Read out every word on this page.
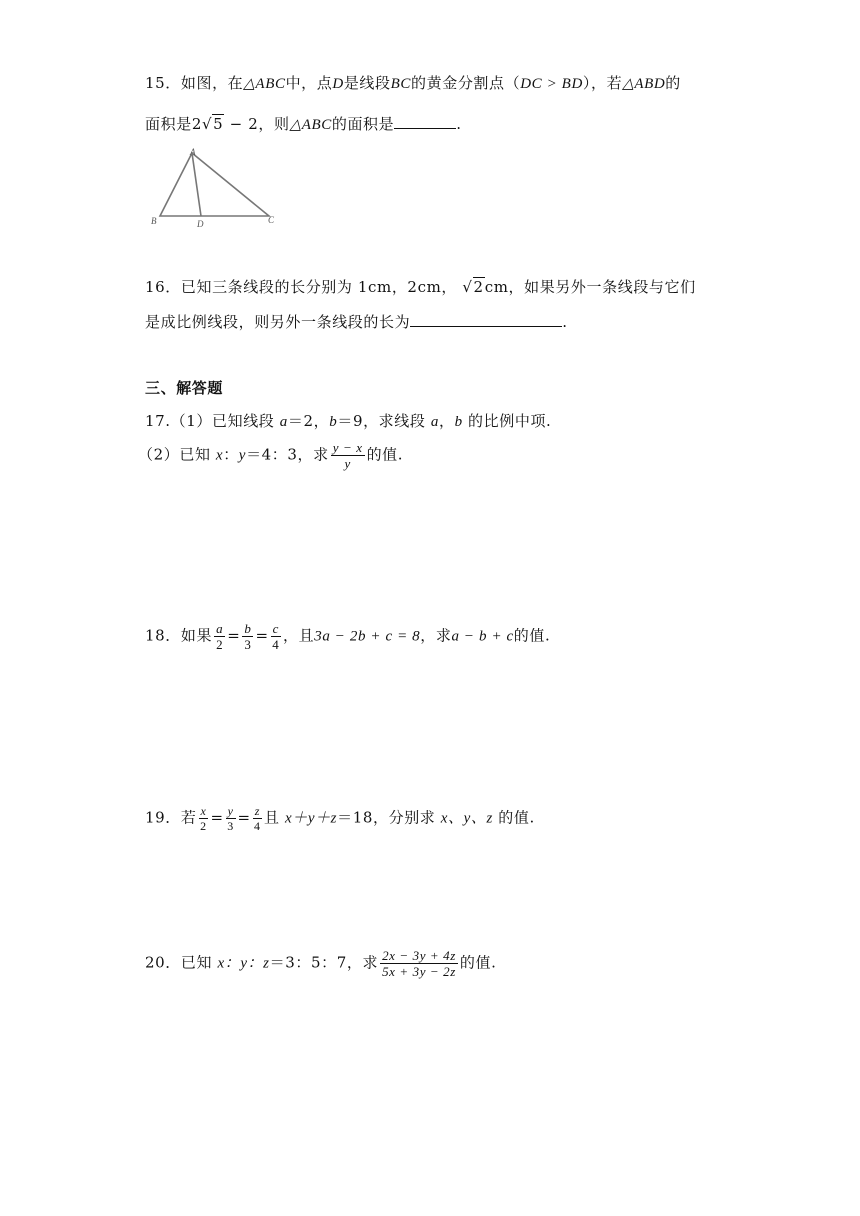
15．如图，在△ABC中，点D是线段BC的黄金分割点（DC > BD），若△ABD的
面积是2√5 − 2，则△ABC的面积是	.
A
B	D	C
16．已知三条线段的长分别为 1cm，2cm， √2cm，如果另外一条线段与它们
是成比例线段，则另外一条线段的长为	.
三、解答题
17.（1）已知线段 a＝2，b＝9，求线段 a，b 的比例中项.
（2）已知 x：y＝4：3，求 $\frac{y - x}{y}$ 的值.
18．如果 $\frac{a}{2} = \frac{b}{3} = \frac{c}{4}$ ，且3a − 2b + c = 8，求a − b + c的值.
19．若 $\frac{x}{2} = \frac{y}{3} = \frac{z}{4}$ 且 x＋y＋z＝18，分别求 x、y、z 的值.
20．已知 x：y：z＝3：5：7，求 $\frac{2x - 3y + 4z}{5x + 3y - 2z}$ 的值.
